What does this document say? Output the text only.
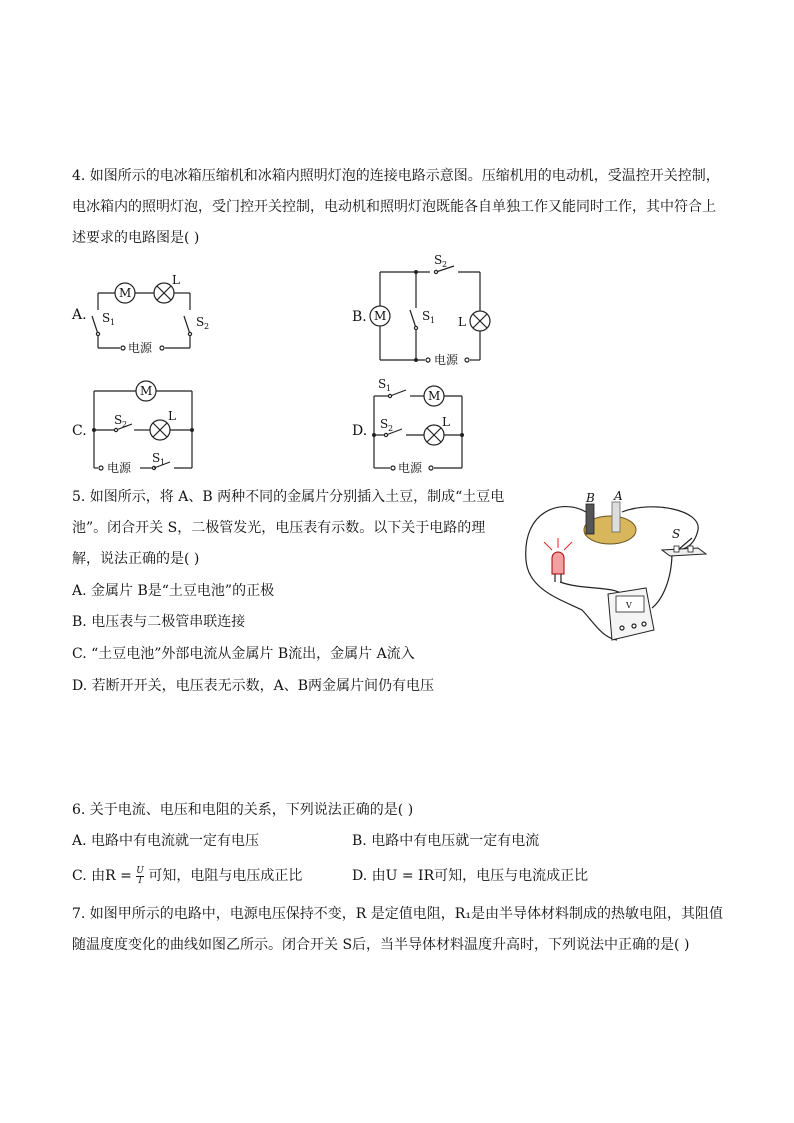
4. 如图所示的电冰箱压缩机和冰箱内照明灯泡的连接电路示意图。压缩机用的电动机，受温控开关控制，
电冰箱内的照明灯泡，受门控开关控制，电动机和照明灯泡既能各自单独工作又能同时工作，其中符合上
述要求的电路图是( )
A.
M
L
S 1	S 2
电源
B.
S 2
M	S 1 L
电源
C.
M
S 2
L
电源
S 1
D.
S 1
M
S 2	L
电源
5. 如图所示，将 A、B 两种不同的金属片分别插入土豆，制成“土豆电
池”。闭合开关 S，二极管发光，电压表有示数。以下关于电路的理
解，说法正确的是( )
A. 金属片 B是“土豆电池”的正极
B. 电压表与二极管串联连接
C. “土豆电池”外部电流从金属片 B流出，金属片 A流入
D. 若断开开关，电压表无示数，A、B两金属片间仍有电压
B A
S
V
6. 关于电流、电压和电阻的关系，下列说法正确的是( )
A. 电路中有电流就一定有电压	B. 电路中有电压就一定有电流
C. 由$R = \frac{U}{I}$ 可知，电阻与电压成正比	D. 由U = IR可知，电压与电流成正比
7. 如图甲所示的电路中，电源电压保持不变，R 是定值电阻，R₁是由半导体材料制成的热敏电阻，其阻值
随温度度变化的曲线如图乙所示。闭合开关 S后，当半导体材料温度升高时，下列说法中正确的是( )
